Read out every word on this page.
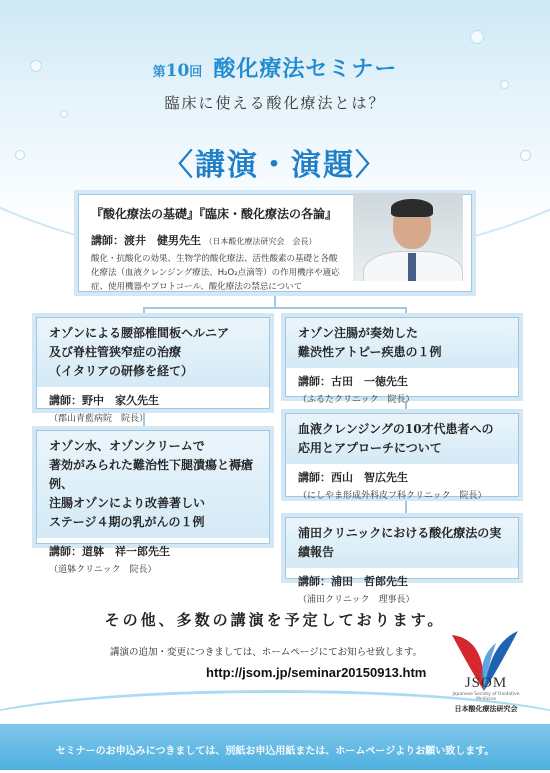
第10回 酸化療法セミナー
臨床に使える酸化療法とは？
〈講演・演題〉
『酸化療法の基礎』『臨床・酸化療法の各論』
講師：渡井　健男先生 （日本酸化療法研究会　会長）
酸化・抗酸化の効果、生物学的酸化療法、活性酸素の基礎と各酸化療法（血液クレンジング療法、H₂O₂点滴等）の作用機序や適応症、使用機器やプロトコール、酸化療法の禁忌について
オゾンによる腰部椎間板ヘルニア
及び脊柱管狭窄症の治療
（イタリアの研修を経て）
講師：野中　家久先生
（郡山青藍病院　院長）
オゾン注腸が奏効した
難渋性アトピー疾患の１例
講師：古田　一徳先生
（ふるたクリニック　院長）
オゾン水、オゾンクリームで
著効がみられた難治性下腿潰瘍と褥瘡例、
注腸オゾンにより改善著しい
ステージ４期の乳がんの１例
講師：道躰　祥一郎先生
（道躰クリニック　院長）
血液クレンジングの10才代患者への
応用とアプローチについて
講師：西山　智広先生
（にしやま形成外科皮フ科クリニック　院長）
浦田クリニックにおける酸化療法の実績報告
講師：浦田　哲郎先生
（浦田クリニック　理事長）
その他、多数の講演を予定しております。
講演の追加・変更につきましては、ホームページにてお知らせ致します。
http://jsom.jp/seminar20150913.htm
JSOM
Japanese Society of Oxidative Medicine
日本酸化療法研究会
セミナーのお申込みにつきましては、別紙お申込用紙または、ホームページよりお願い致します。
